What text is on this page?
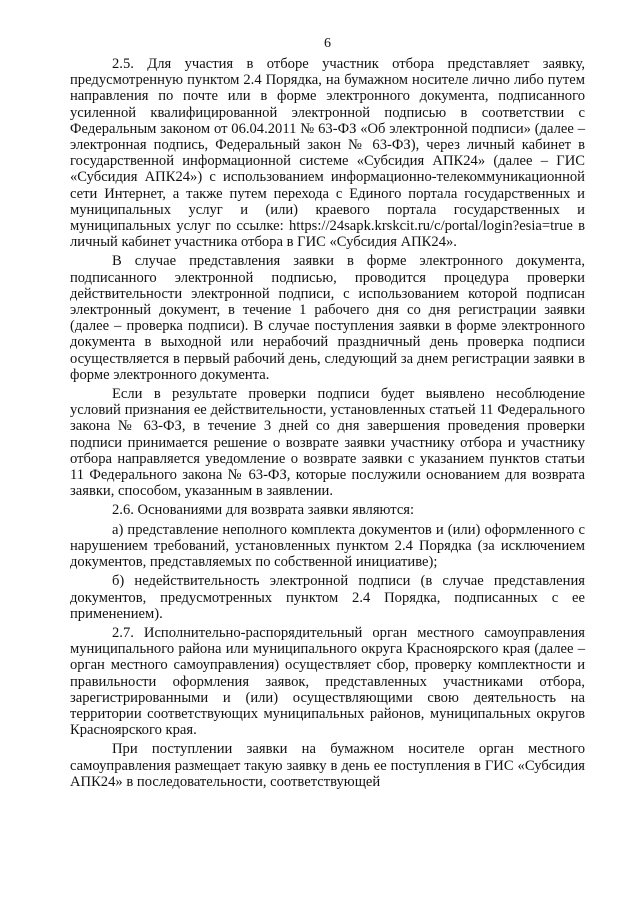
6

2.5. Для участия в отборе участник отбора представляет заявку, предусмотренную пунктом 2.4 Порядка, на бумажном носителе лично либо путем направления по почте или в форме электронного документа, подписанного усиленной квалифицированной электронной подписью в соответствии с Федеральным законом от 06.04.2011 № 63-ФЗ «Об электронной подписи» (далее – электронная подпись, Федеральный закон № 63-ФЗ), через личный кабинет в государственной информационной системе «Субсидия АПК24» (далее – ГИС «Субсидия АПК24») с использованием информационно-телекоммуникационной сети Интернет, а также путем перехода с Единого портала государственных и муниципальных услуг и (или) краевого портала государственных и муниципальных услуг по ссылке: https://24sapk.krskcit.ru/c/portal/login?esia=true в личный кабинет участника отбора в ГИС «Субсидия АПК24».

В случае представления заявки в форме электронного документа, подписанного электронной подписью, проводится процедура проверки действительности электронной подписи, с использованием которой подписан электронный документ, в течение 1 рабочего дня со дня регистрации заявки (далее – проверка подписи). В случае поступления заявки в форме электронного документа в выходной или нерабочий праздничный день проверка подписи осуществляется в первый рабочий день, следующий за днем регистрации заявки в форме электронного документа.

Если в результате проверки подписи будет выявлено несоблюдение условий признания ее действительности, установленных статьей 11 Федерального закона № 63-ФЗ, в течение 3 дней со дня завершения проведения проверки подписи принимается решение о возврате заявки участнику отбора и участнику отбора направляется уведомление о возврате заявки с указанием пунктов статьи 11 Федерального закона № 63-ФЗ, которые послужили основанием для возврата заявки, способом, указанным в заявлении.

2.6. Основаниями для возврата заявки являются:

а) представление неполного комплекта документов и (или) оформленного с нарушением требований, установленных пунктом 2.4 Порядка (за исключением документов, представляемых по собственной инициативе);

б) недействительность электронной подписи (в случае представления документов, предусмотренных пунктом 2.4 Порядка, подписанных с ее применением).

2.7. Исполнительно-распорядительный орган местного самоуправления муниципального района или муниципального округа Красноярского края (далее – орган местного самоуправления) осуществляет сбор, проверку комплектности и правильности оформления заявок, представленных участниками отбора, зарегистрированными и (или) осуществляющими свою деятельность на территории соответствующих муниципальных районов, муниципальных округов Красноярского края.

При поступлении заявки на бумажном носителе орган местного самоуправления размещает такую заявку в день ее поступления в ГИС «Субсидия АПК24» в последовательности, соответствующей
